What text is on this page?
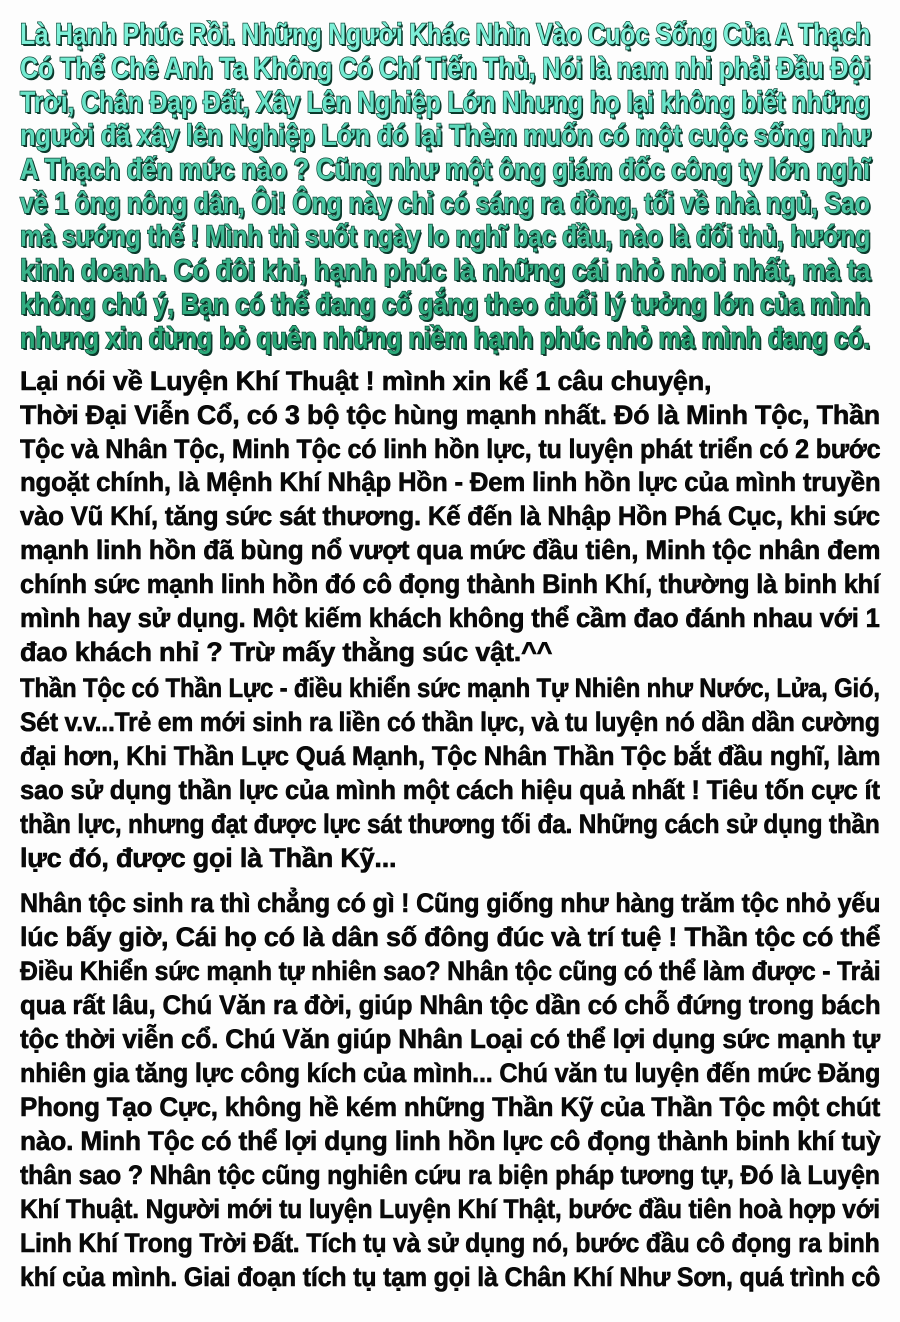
Là Hạnh Phúc Rồi. Những Người Khác Nhìn Vào Cuộc Sống Của A Thạch
Có Thể Chê Anh Ta Không Có Chí Tiến Thủ, Nói là nam nhi phải Đầu Đội
Trời, Chân Đạp Đất, Xây Lên Nghiệp Lớn Nhưng họ lại không biết những
người đã xây lên Nghiệp Lớn đó lại Thèm muốn có một cuộc sống như
A Thạch đến mức nào ? Cũng như một ông giám đốc công ty lớn nghĩ
về 1 ông nông dân, Ôi! Ông này chỉ có sáng ra đồng, tối về nhà ngủ, Sao
mà sướng thế ! Mình thì suốt ngày lo nghĩ bạc đầu, nào là đối thủ, hướng
kinh doanh. Có đôi khi, hạnh phúc là những cái nhỏ nhoi nhất, mà ta
không chú ý, Bạn có thể đang cố gắng theo đuổi lý tưởng lớn của mình
nhưng xin đừng bỏ quên những niềm hạnh phúc nhỏ mà mình đang có.
Lại nói về Luyện Khí Thuật ! mình xin kể 1 câu chuyện,
Thời Đại Viễn Cổ, có 3 bộ tộc hùng mạnh nhất. Đó là Minh Tộc, Thần
Tộc và Nhân Tộc, Minh Tộc có linh hồn lực, tu luyện phát triển có 2 bước
ngoặt chính, là Mệnh Khí Nhập Hồn - Đem linh hồn lực của mình truyền
vào Vũ Khí, tăng sức sát thương. Kế đến là Nhập Hồn Phá Cục, khi sức
mạnh linh hồn đã bùng nổ vượt qua mức đầu tiên, Minh tộc nhân đem
chính sức mạnh linh hồn đó cô đọng thành Binh Khí, thường là binh khí
mình hay sử dụng. Một kiếm khách không thể cầm đao đánh nhau với 1
đao khách nhỉ ? Trừ mấy thằng súc vật.^^
Thần Tộc có Thần Lực - điều khiển sức mạnh Tự Nhiên như Nước, Lửa, Gió,
Sét v.v...Trẻ em mới sinh ra liền có thần lực, và tu luyện nó dần dần cường
đại hơn, Khi Thần Lực Quá Mạnh, Tộc Nhân Thần Tộc bắt đầu nghĩ, làm
sao sử dụng thần lực của mình một cách hiệu quả nhất ! Tiêu tốn cực ít
thần lực, nhưng đạt được lực sát thương tối đa. Những cách sử dụng thần
lực đó, được gọi là Thần Kỹ...
Nhân tộc sinh ra thì chẳng có gì ! Cũng giống như hàng trăm tộc nhỏ yếu
lúc bấy giờ, Cái họ có là dân số đông đúc và trí tuệ ! Thần tộc có thể
Điều Khiển sức mạnh tự nhiên sao? Nhân tộc cũng có thể làm được - Trải
qua rất lâu, Chú Văn ra đời, giúp Nhân tộc dần có chỗ đứng trong bách
tộc thời viễn cổ. Chú Văn giúp Nhân Loại có thể lợi dụng sức mạnh tự
nhiên gia tăng lực công kích của mình... Chú văn tu luyện đến mức Đăng
Phong Tạo Cực, không hề kém những Thần Kỹ của Thần Tộc một chút
nào. Minh Tộc có thể lợi dụng linh hồn lực cô đọng thành binh khí tuỳ
thân sao ? Nhân tộc cũng nghiên cứu ra biện pháp tương tự, Đó là Luyện
Khí Thuật. Người mới tu luyện Luyện Khí Thật, bước đầu tiên hoà hợp với
Linh Khí Trong Trời Đất. Tích tụ và sử dụng nó, bước đầu cô đọng ra binh
khí của mình. Giai đoạn tích tụ tạm gọi là Chân Khí Như Sơn, quá trình cô
